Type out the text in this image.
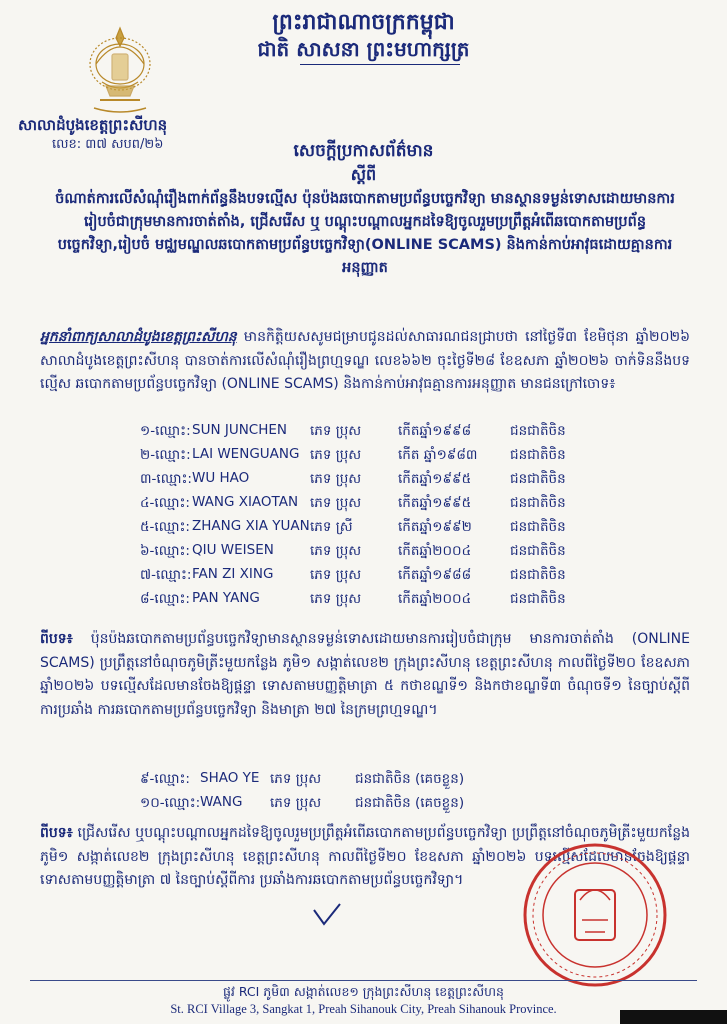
ព្រះរាជាណាចក្រកម្ពុជា
ជាតិ សាសនា ព្រះមហាក្សត្រ
សាលាដំបូងខេត្តព្រះសីហនុ
លេខ: ៣៧ សបព/២៦	សេចក្ដីប្រកាសព័ត៌មាន
ស្ដីពី
ចំណាត់ការលើសំណុំរឿងពាក់ព័ន្ធនឹងបទល្មើស ប៉ុនប៉ងឆបោកតាមប្រព័ន្ធបច្ចេកវិទ្យា មានស្ថានទម្ងន់ទោសដោយមានការរៀបចំជាក្រុមមានការចាត់តាំង, ជ្រើសរើស ឬ បណ្ដុះបណ្ដាលអ្នកដទៃឱ្យចូលរួមប្រព្រឹត្តអំពើឆបោកតាមប្រព័ន្ធបច្ចេកវិទ្យា,រៀបចំ មជ្ឈមណ្ឌលឆបោកតាមប្រព័ន្ធបច្ចេកវិទ្យា(ONLINE SCAMS) និងកាន់កាប់អាវុធដោយគ្មានការអនុញ្ញាត
អ្នកនាំពាក្យសាលាដំបូងខេត្តព្រះសីហនុ មានកិត្តិយសសូមជម្រាបជូនដល់សាធារណជនជ្រាបថា នៅថ្ងៃទី៣ ខែមិថុនា ឆ្នាំ២០២៦ សាលាដំបូងខេត្តព្រះសីហនុ បានចាត់ការលើសំណុំរឿងព្រហ្មទណ្ឌ លេខ៦៦២ ចុះថ្ងៃទី២៨ ខែឧសភា ឆ្នាំ២០២៦ ចាក់ទិននឹងបទល្មើស ឆបោកតាមប្រព័ន្ធបច្ចេកវិទ្យា (ONLINE SCAMS) និងកាន់កាប់អាវុធគ្មានការអនុញ្ញាត មានជនក្រៅចោទ៖
១-ឈ្មោះ: SUN JUNCHEN ភេទ ប្រុស	កើតឆ្នាំ១៩៩៨	ជនជាតិចិន
២-ឈ្មោះ: LAI WENGUANG ភេទ ប្រុស	កើត ឆ្នាំ១៩៨៣ ជនជាតិចិន
៣-ឈ្មោះ: WU HAO	ភេទ ប្រុស	កើតឆ្នាំ១៩៩៥	ជនជាតិចិន
៤-ឈ្មោះ: WANG XIAOTAN ភេទ ប្រុស	កើតឆ្នាំ១៩៩៥	ជនជាតិចិន
៥-ឈ្មោះ: ZHANG XIA YUAN ភេទ ស្រី	កើតឆ្នាំ១៩៩២	ជនជាតិចិន
៦-ឈ្មោះ: QIU WEISEN	ភេទ ប្រុស	កើតឆ្នាំ២០០៤	ជនជាតិចិន
៧-ឈ្មោះ: FAN ZI XING	ភេទ ប្រុស	កើតឆ្នាំ១៩៨៨	ជនជាតិចិន
៨-ឈ្មោះ: PAN YANG	ភេទ ប្រុស	កើតឆ្នាំ២០០៤	ជនជាតិចិន
ពីបទ៖ ប៉ុនប៉ងឆបោកតាមប្រព័ន្ធបច្ចេកវិទ្យាមានស្ថានទម្ងន់ទោសដោយមានការរៀបចំជាក្រុម មានការចាត់តាំង (ONLINE SCAMS) ប្រព្រឹត្តនៅចំណុចភូមិត្រីះមួយកន្លែង ភូមិ១ សង្កាត់លេខ២ ក្រុងព្រះសីហនុ ខេត្តព្រះសីហនុ កាលពីថ្ងៃទី២០ ខែឧសភា ឆ្នាំ២០២៦ បទល្មើសដែលមានចែងឱ្យផ្ដន្ទា ទោសតាមបញ្ញត្តិមាត្រា ៥ កថាខណ្ឌទី១ និងកថាខណ្ឌទី៣ ចំណុចទី១ នៃច្បាប់ស្ដីពីការប្រឆាំង ការឆបោកតាមប្រព័ន្ធបច្ចេកវិទ្យា និងមាត្រា ២៧ នៃក្រមព្រហ្មទណ្ឌ។
៩-ឈ្មោះ: SHAO YE ភេទ ប្រុស	ជនជាតិចិន (គេចខ្លួន)
១០-ឈ្មោះ: WANG ភេទ ប្រុស	ជនជាតិចិន (គេចខ្លួន)
ពីបទ៖ ជ្រើសរើស ឬបណ្ដុះបណ្ដាលអ្នកដទៃឱ្យចូលរួមប្រព្រឹត្តអំពើឆបោកតាមប្រព័ន្ធបច្ចេកវិទ្យា ប្រព្រឹត្តនៅចំណុចភូមិត្រីះមួយកន្លែង ភូមិ១ សង្កាត់លេខ២ ក្រុងព្រះសីហនុ ខេត្តព្រះសីហនុ កាលពីថ្ងៃទី២០ ខែឧសភា ឆ្នាំ២០២៦ បទល្មើសដែលមានចែងឱ្យផ្ដន្ទាទោសតាមបញ្ញត្តិមាត្រា ៧ នៃច្បាប់ស្ដីពីការ ប្រឆាំងការឆបោកតាមប្រព័ន្ធបច្ចេកវិទ្យា។
ផ្លូវ RCI ភូមិ៣ សង្កាត់លេខ១ ក្រុងព្រះសីហនុ ខេត្តព្រះសីហនុ
St. RCI Village 3, Sangkat 1, Preah Sihanouk City, Preah Sihanouk Province.
